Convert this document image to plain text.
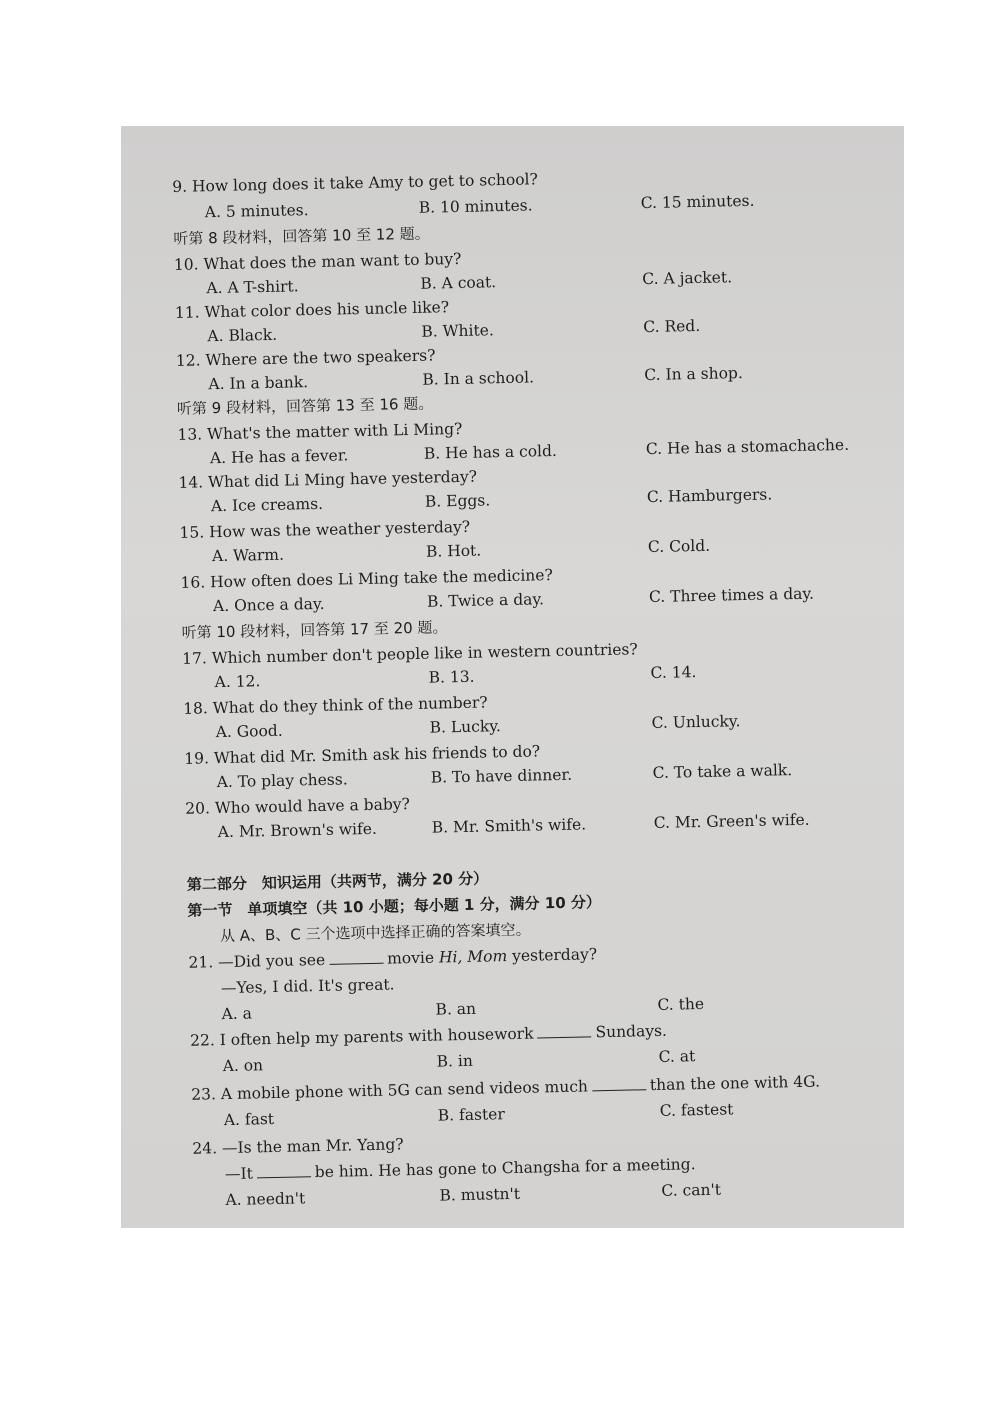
9. How long does it take Amy to get to school?
A. 5 minutes.	B. 10 minutes.	C. 15 minutes.
听第 8 段材料，回答第 10 至 12 题。
10. What does the man want to buy?
A. A T-shirt.	B. A coat.	C. A jacket.
11. What color does his uncle like?
A. Black.	B. White.	C. Red.
12. Where are the two speakers?
A. In a bank.	B. In a school.	C. In a shop.
听第 9 段材料，回答第 13 至 16 题。
13. What's the matter with Li Ming?
A. He has a fever.	B. He has a cold.	C. He has a stomachache.
14. What did Li Ming have yesterday?
A. Ice creams.	B. Eggs.	C. Hamburgers.
15. How was the weather yesterday?
A. Warm.	B. Hot.	C. Cold.
16. How often does Li Ming take the medicine?
A. Once a day.	B. Twice a day.	C. Three times a day.
听第 10 段材料，回答第 17 至 20 题。
17. Which number don't people like in western countries?
A. 12.	B. 13.	C. 14.
18. What do they think of the number?
A. Good.	B. Lucky.	C. Unlucky.
19. What did Mr. Smith ask his friends to do?
A. To play chess.	B. To have dinner.	C. To take a walk.
20. Who would have a baby?
A. Mr. Brown's wife.	B. Mr. Smith's wife.	C. Mr. Green's wife.
第二部分　知识运用（共两节，满分 20 分）
第一节　单项填空（共 10 小题；每小题 1 分，满分 10 分）
从 A、B、C 三个选项中选择正确的答案填空。
21. —Did you see	movie Hi, Mom yesterday?
—Yes, I did. It's great.
A. a	B. an	C. the
22. I often help my parents with housework	Sundays.
A. on	B. in	C. at
23. A mobile phone with 5G can send videos much	than the one with 4G.
A. fast	B. faster	C. fastest
24. —Is the man Mr. Yang?
—It	be him. He has gone to Changsha for a meeting.
A. needn't	B. mustn't	C. can't
